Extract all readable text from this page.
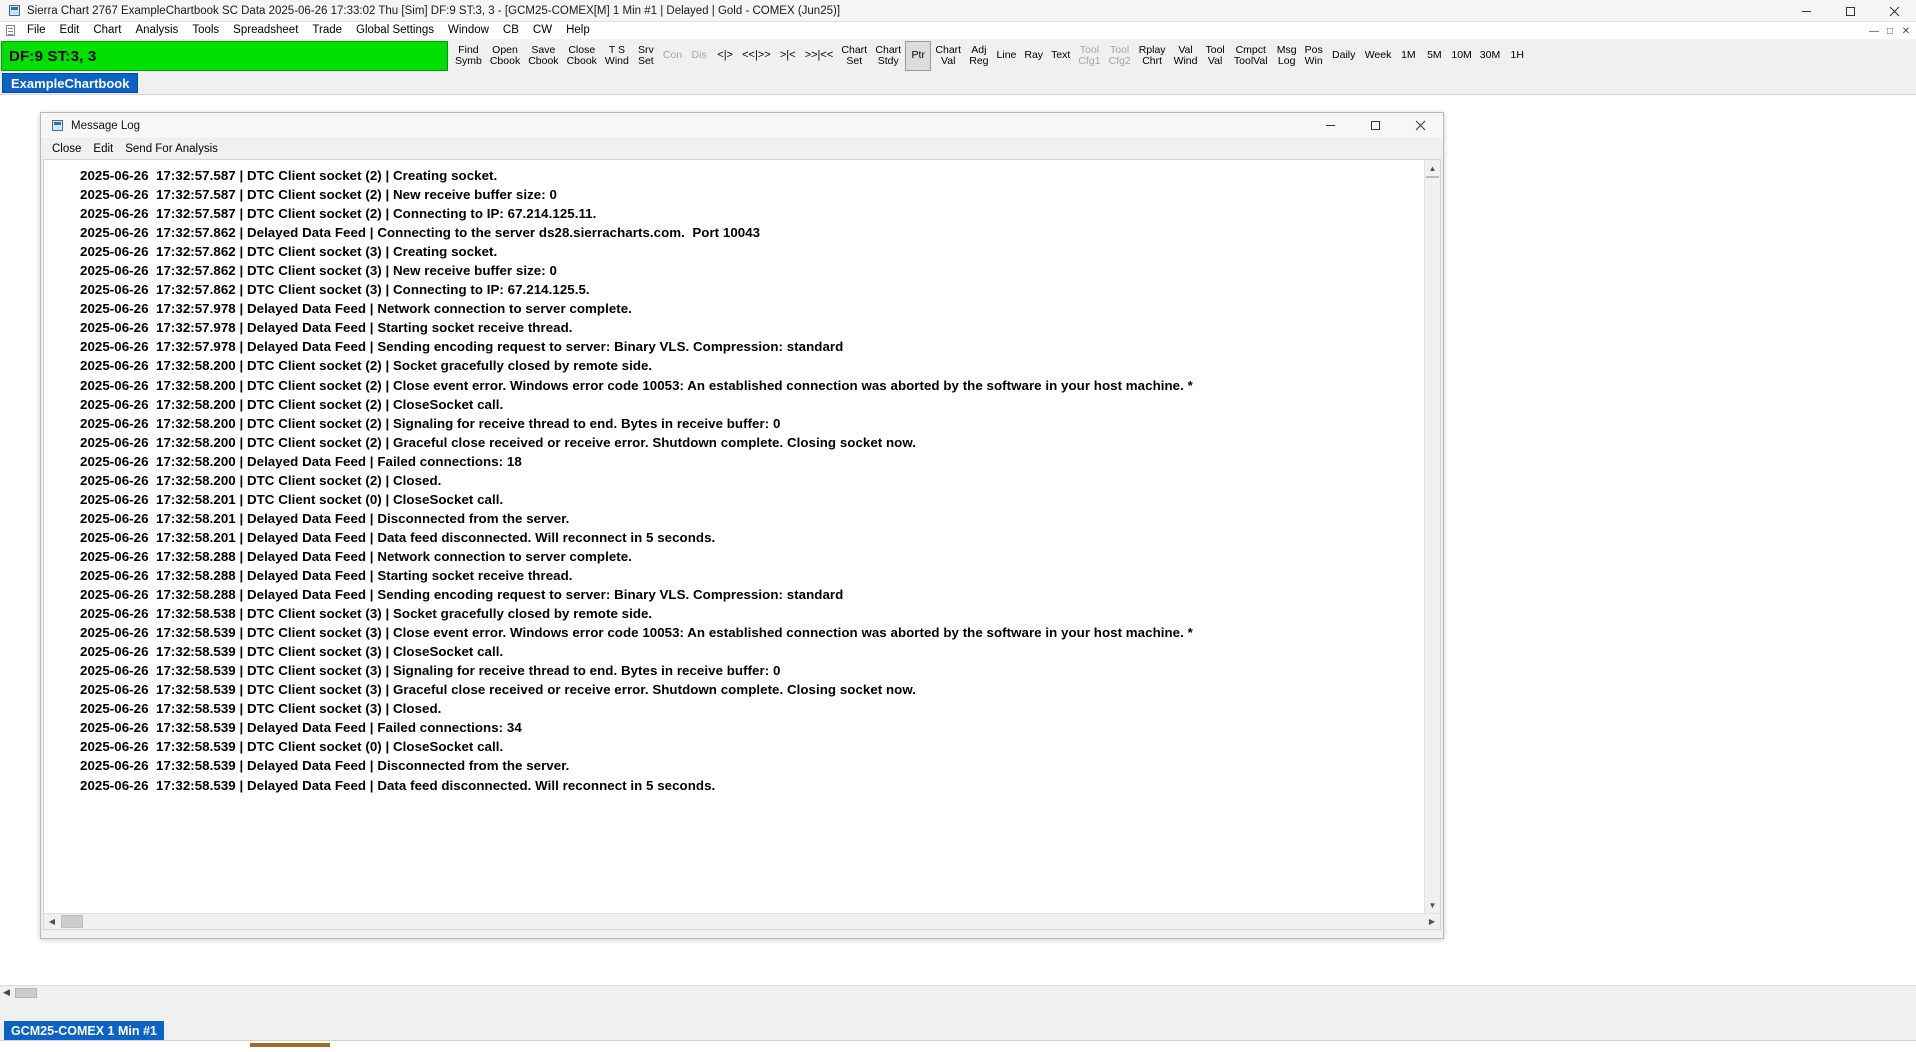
Sierra Chart 2767 ExampleChartbook SC Data 2025-06-26 17:33:02 Thu [Sim] DF:9 ST:3, 3 - [GCM25-COMEX[M] 1 Min #1 | Delayed | Gold - COMEX (Jun25)]
File	Edit	Chart	Analysis	Tools	Spreadsheet	Trade	Global Settings	Window	CB	CW	Help	— □ ✕
DF:9 ST:3, 3	Find
Symb
Open
Cbook
Save
Cbook
Close
Cbook
T S
Wind
Srv
Set Con Dis <|> <<|>> >|< >>|<< Chart
Set
Chart
Stdy Ptr Chart
Val
Adj
Reg Line Ray Text Tool
Cfg1
Tool
Cfg2
Rplay
Chrt
Val
Wind
Tool
Val
Cmpct
ToolVal
Msg
Log
Pos
Win Daily Week 1M 5M 10M 30M 1H
ExampleChartbook
◀
GCM25-COMEX 1 Min #1
Message Log
Close	Edit	Send For Analysis
2025-06-26  17:32:57.587 | DTC Client socket (2) | Creating socket.
2025-06-26  17:32:57.587 | DTC Client socket (2) | New receive buffer size: 0
2025-06-26  17:32:57.587 | DTC Client socket (2) | Connecting to IP: 67.214.125.11.
2025-06-26  17:32:57.862 | Delayed Data Feed | Connecting to the server ds28.sierracharts.com.  Port 10043
2025-06-26  17:32:57.862 | DTC Client socket (3) | Creating socket.
2025-06-26  17:32:57.862 | DTC Client socket (3) | New receive buffer size: 0
2025-06-26  17:32:57.862 | DTC Client socket (3) | Connecting to IP: 67.214.125.5.
2025-06-26  17:32:57.978 | Delayed Data Feed | Network connection to server complete.
2025-06-26  17:32:57.978 | Delayed Data Feed | Starting socket receive thread.
2025-06-26  17:32:57.978 | Delayed Data Feed | Sending encoding request to server: Binary VLS. Compression: standard
2025-06-26  17:32:58.200 | DTC Client socket (2) | Socket gracefully closed by remote side.
2025-06-26  17:32:58.200 | DTC Client socket (2) | Close event error. Windows error code 10053: An established connection was aborted by the software in your host machine. *
2025-06-26  17:32:58.200 | DTC Client socket (2) | CloseSocket call.
2025-06-26  17:32:58.200 | DTC Client socket (2) | Signaling for receive thread to end. Bytes in receive buffer: 0
2025-06-26  17:32:58.200 | DTC Client socket (2) | Graceful close received or receive error. Shutdown complete. Closing socket now.
2025-06-26  17:32:58.200 | Delayed Data Feed | Failed connections: 18
2025-06-26  17:32:58.200 | DTC Client socket (2) | Closed.
2025-06-26  17:32:58.201 | DTC Client socket (0) | CloseSocket call.
2025-06-26  17:32:58.201 | Delayed Data Feed | Disconnected from the server.
2025-06-26  17:32:58.201 | Delayed Data Feed | Data feed disconnected. Will reconnect in 5 seconds.
2025-06-26  17:32:58.288 | Delayed Data Feed | Network connection to server complete.
2025-06-26  17:32:58.288 | Delayed Data Feed | Starting socket receive thread.
2025-06-26  17:32:58.288 | Delayed Data Feed | Sending encoding request to server: Binary VLS. Compression: standard
2025-06-26  17:32:58.538 | DTC Client socket (3) | Socket gracefully closed by remote side.
2025-06-26  17:32:58.539 | DTC Client socket (3) | Close event error. Windows error code 10053: An established connection was aborted by the software in your host machine. *
2025-06-26  17:32:58.539 | DTC Client socket (3) | CloseSocket call.
2025-06-26  17:32:58.539 | DTC Client socket (3) | Signaling for receive thread to end. Bytes in receive buffer: 0
2025-06-26  17:32:58.539 | DTC Client socket (3) | Graceful close received or receive error. Shutdown complete. Closing socket now.
2025-06-26  17:32:58.539 | DTC Client socket (3) | Closed.
2025-06-26  17:32:58.539 | Delayed Data Feed | Failed connections: 34
2025-06-26  17:32:58.539 | DTC Client socket (0) | CloseSocket call.
2025-06-26  17:32:58.539 | Delayed Data Feed | Disconnected from the server.
2025-06-26  17:32:58.539 | Delayed Data Feed | Data feed disconnected. Will reconnect in 5 seconds.
▲
▼
◀	▶
